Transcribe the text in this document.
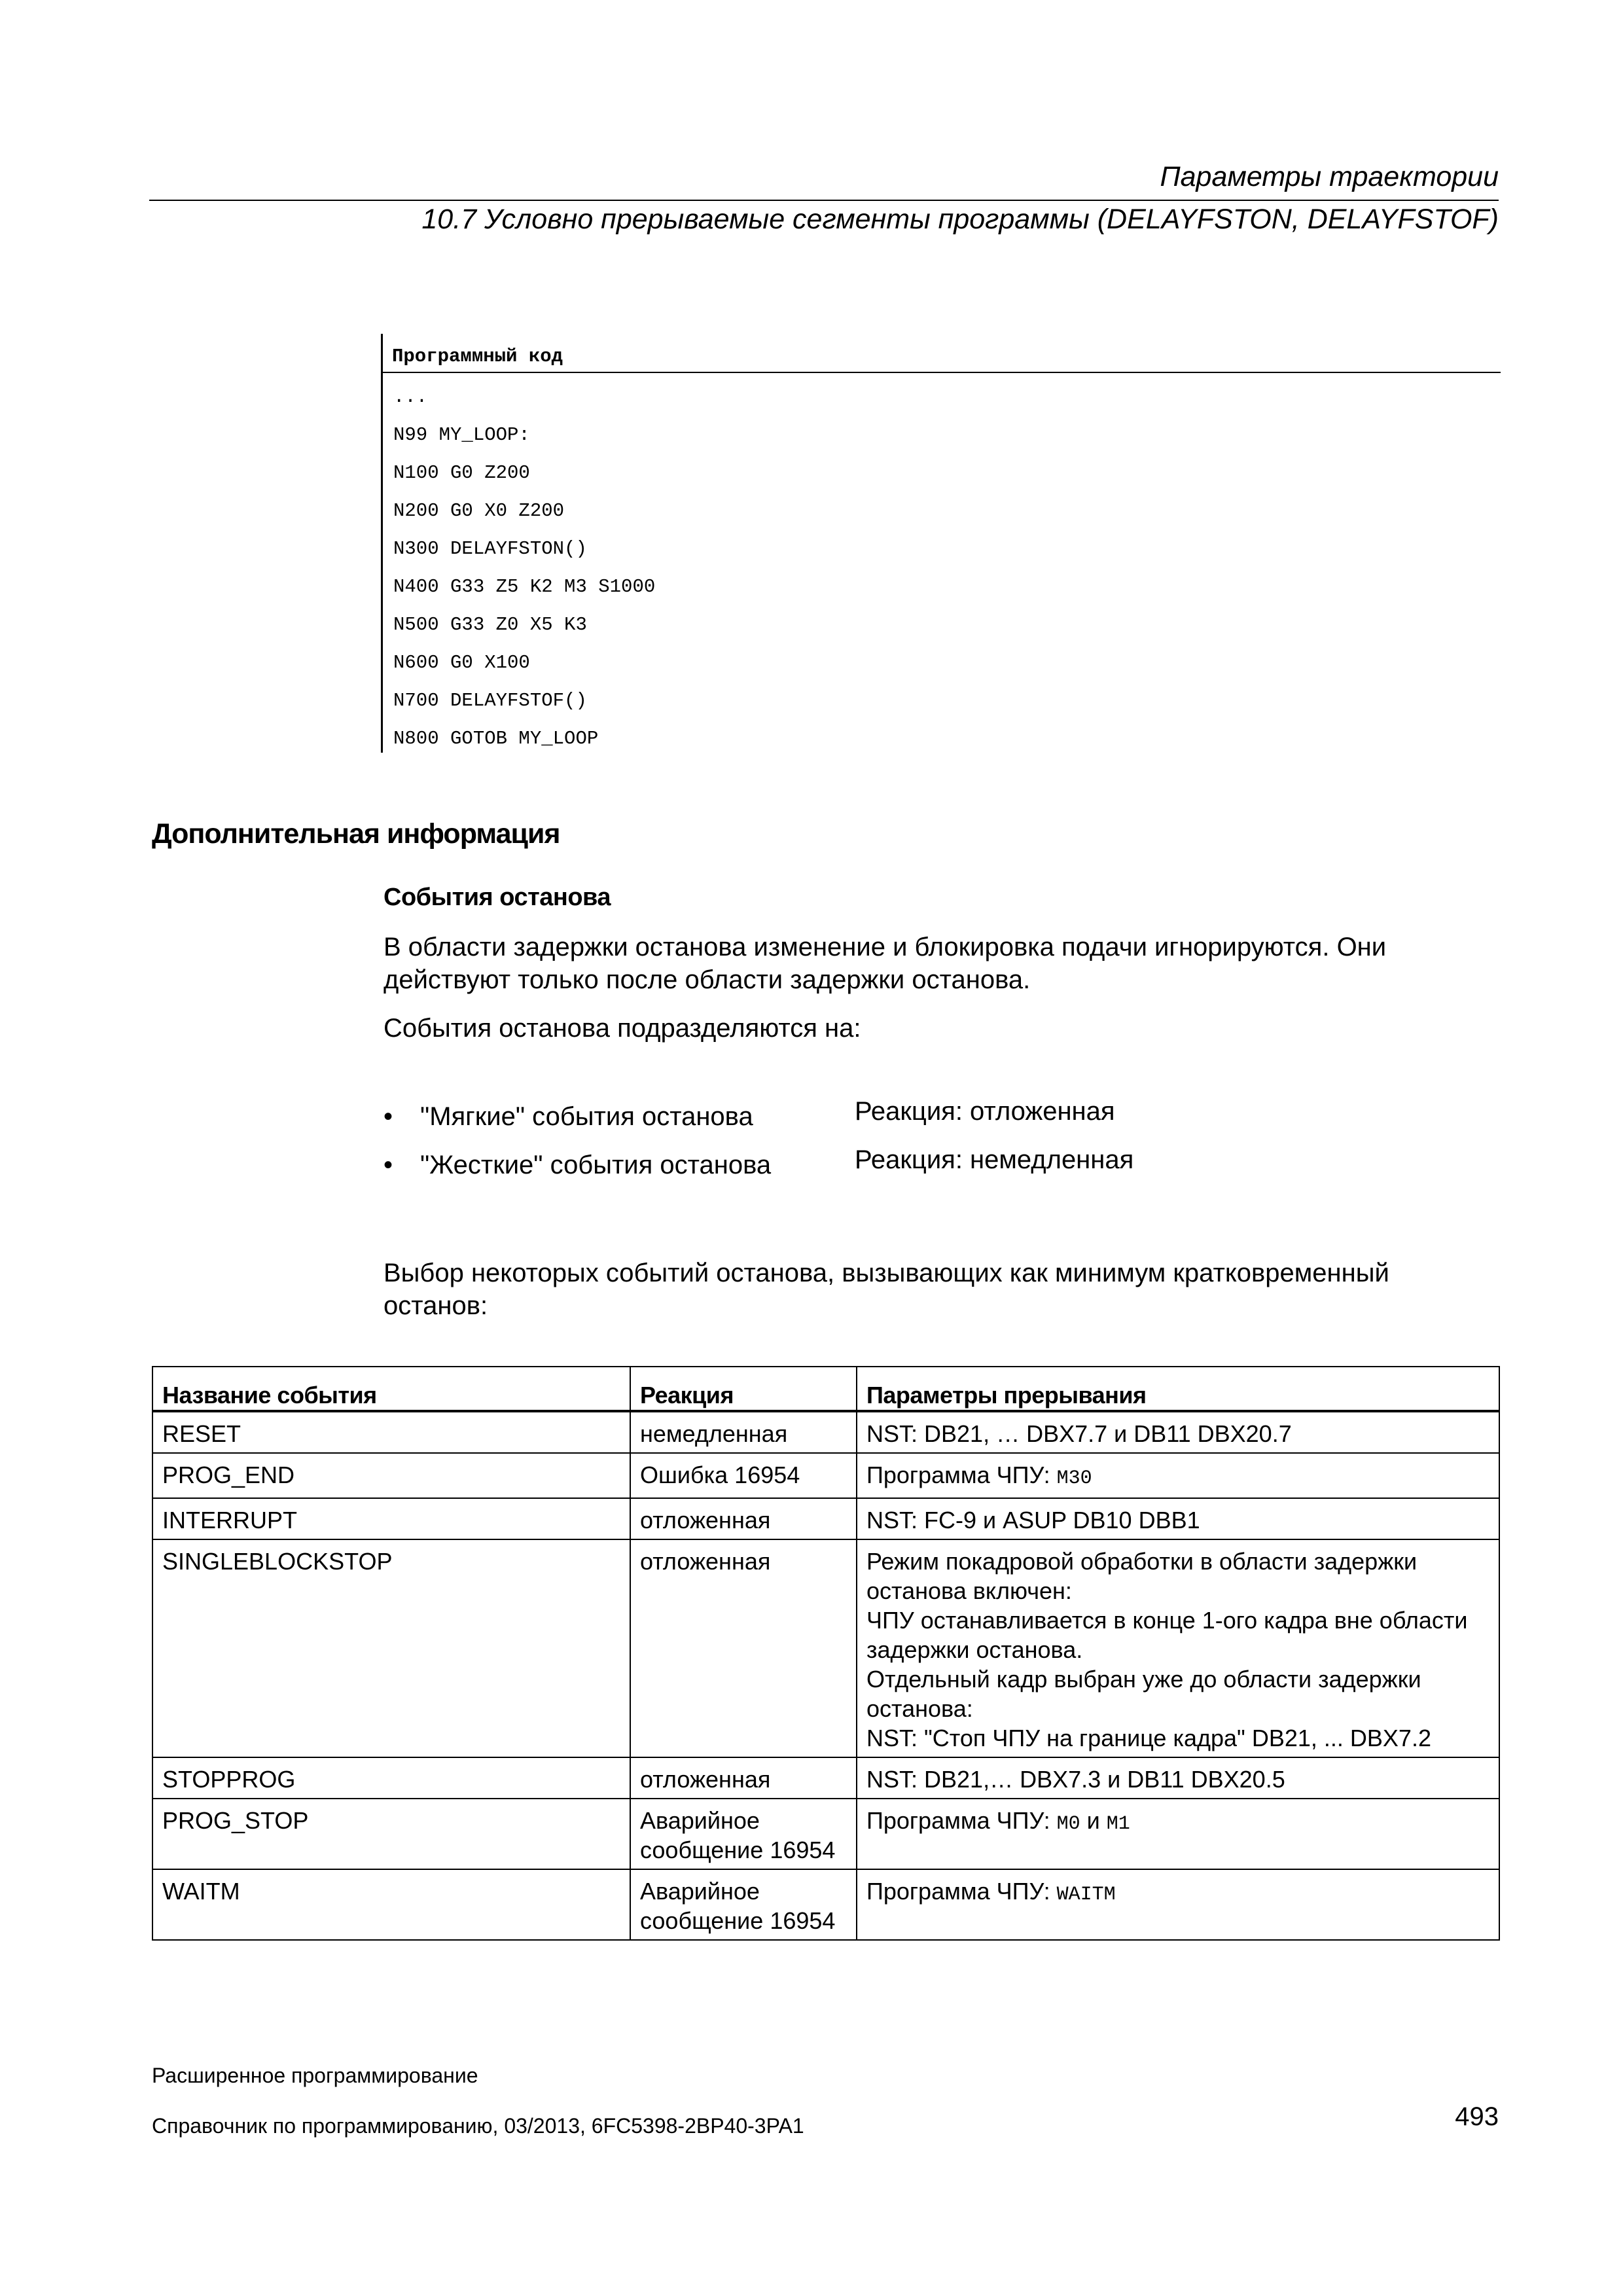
Параметры траектории
10.7 Условно прерываемые сегменты программы (DELAYFSTON, DELAYFSTOF)
Программный код
...
N99 MY_LOOP:
N100 G0 Z200
N200 G0 X0 Z200
N300 DELAYFSTON()
N400 G33 Z5 K2 M3 S1000
N500 G33 Z0 X5 K3
N600 G0 X100
N700 DELAYFSTOF()
N800 GOTOB MY_LOOP
Дополнительная информация
События останова
В области задержки останова изменение и блокировка подачи игнорируются. Они действуют только после области задержки останова.
События останова подразделяются на:
• "Мягкие" события останова	Реакция: отложенная
• "Жесткие" события останова	Реакция: немедленная
Выбор некоторых событий останова, вызывающих как минимум кратковременный останов:
Название события	Реакция	Параметры прерывания
RESET	немедленная	NST: DB21, … DBX7.7 и DB11 DBX20.7
PROG_END	Ошибка 16954	Программа ЧПУ: M30
INTERRUPT	отложенная	NST: FC-9 и ASUP DB10 DBB1
SINGLEBLOCKSTOP	отложенная	Режим покадровой обработки в области задержки останова включен:
ЧПУ останавливается в конце 1-ого кадра вне области задержки останова.
Отдельный кадр выбран уже до области задержки останова:
NST: "Стоп ЧПУ на границе кадра" DB21, ... DBX7.2

STOPPROG	отложенная	NST: DB21,… DBX7.3 и DB11 DBX20.5
PROG_STOP	Аварийное сообщение 16954	Программа ЧПУ: M0 и M1
WAITM	Аварийное сообщение 16954	Программа ЧПУ: WAITM
Расширенное программирование
Справочник по программированию, 03/2013, 6FC5398-2BP40-3PA1	493
